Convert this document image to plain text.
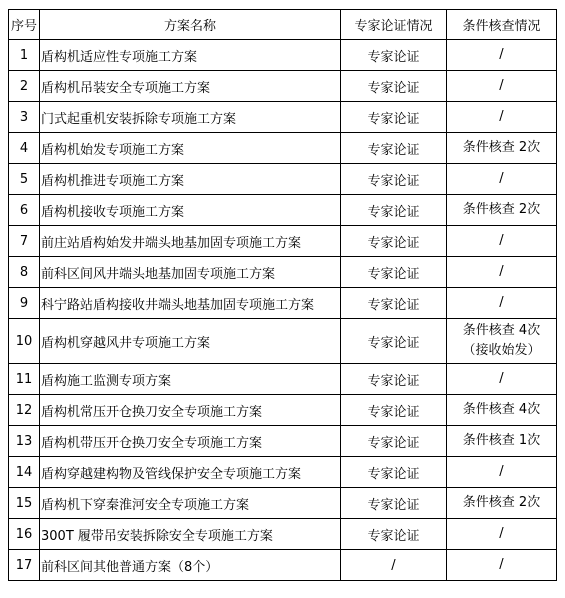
序号	方案名称	专家论证情况	条件核查情况
1	盾构机适应性专项施工方案	专家论证	/
2	盾构机吊装安全专项施工方案	专家论证	/
3	门式起重机安装拆除专项施工方案	专家论证	/
4	盾构机始发专项施工方案	专家论证	条件核查 2次
5	盾构机推进专项施工方案	专家论证	/
6	盾构机接收专项施工方案	专家论证	条件核查 2次
7	前庄站盾构始发井端头地基加固专项施工方案	专家论证	/
8	前科区间风井端头地基加固专项施工方案	专家论证	/
9	科宁路站盾构接收井端头地基加固专项施工方案	专家论证	/
10	盾构机穿越风井专项施工方案	专家论证	条件核查 4次
（接收始发）

11	盾构施工监测专项方案	专家论证	/
12	盾构机常压开仓换刀安全专项施工方案	专家论证	条件核查 4次
13	盾构机带压开仓换刀安全专项施工方案	专家论证	条件核查 1次
14	盾构穿越建构物及管线保护安全专项施工方案	专家论证	/
15	盾构机下穿秦淮河安全专项施工方案	专家论证	条件核查 2次
16	300T 履带吊安装拆除安全专项施工方案	专家论证	/
17	前科区间其他普通方案（8个）	/	/
